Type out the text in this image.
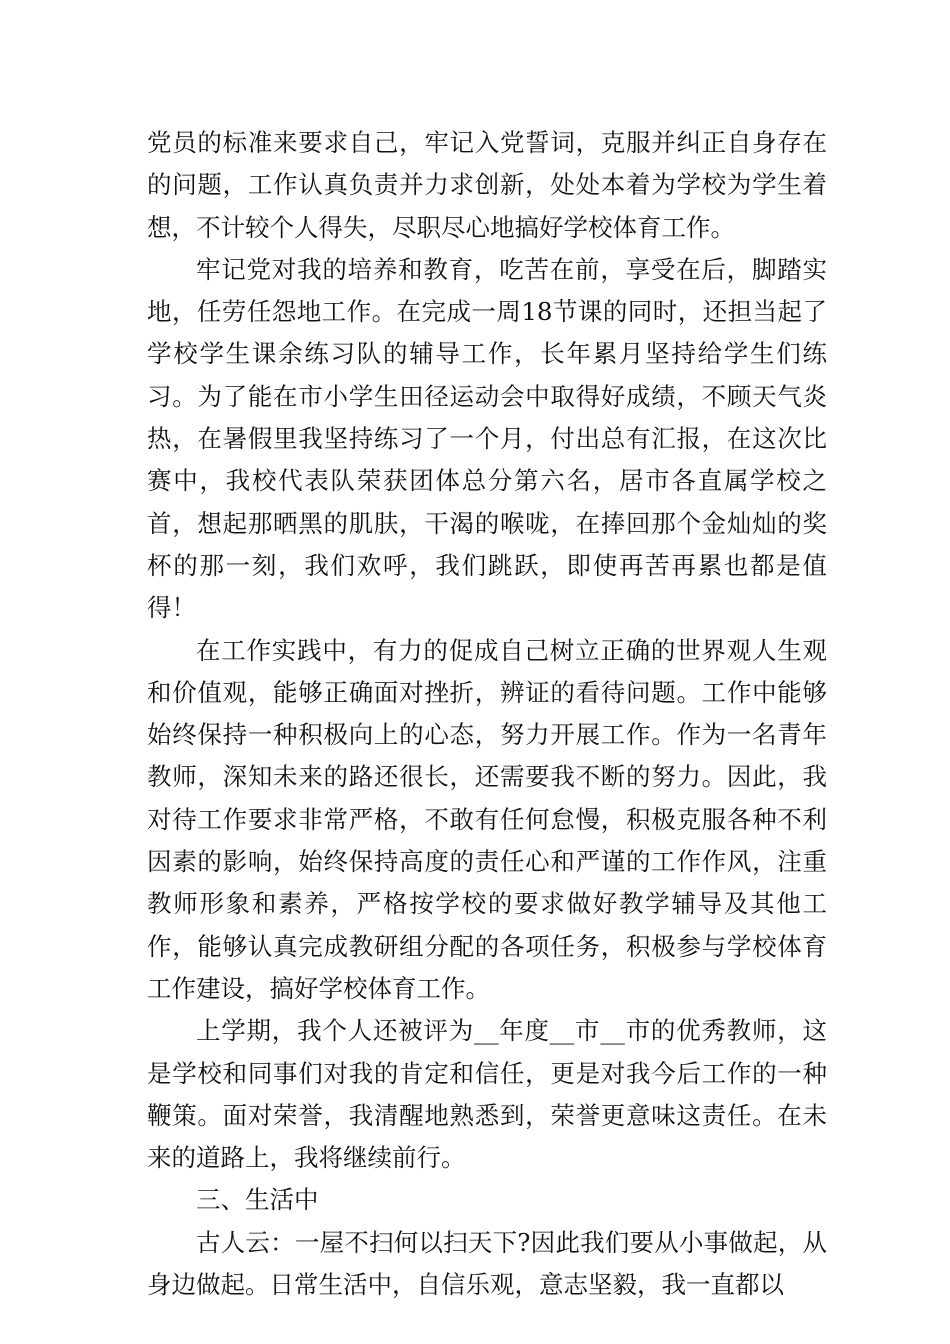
党员的标准来要求自己，牢记入党誓词，克服并纠正自身存在的问题，工作认真负责并力求创新，处处本着为学校为学生着想，不计较个人得失，尽职尽心地搞好学校体育工作。

牢记党对我的培养和教育，吃苦在前，享受在后，脚踏实地，任劳任怨地工作。在完成一周18节课的同时，还担当起了学校学生课余练习队的辅导工作，长年累月坚持给学生们练习。为了能在市小学生田径运动会中取得好成绩，不顾天气炎热，在暑假里我坚持练习了一个月，付出总有汇报，在这次比赛中，我校代表队荣获团体总分第六名，居市各直属学校之首，想起那晒黑的肌肤，干渴的喉咙，在捧回那个金灿灿的奖杯的那一刻，我们欢呼，我们跳跃，即使再苦再累也都是值得！

在工作实践中，有力的促成自己树立正确的世界观人生观和价值观，能够正确面对挫折，辨证的看待问题。工作中能够始终保持一种积极向上的心态，努力开展工作。作为一名青年教师，深知未来的路还很长，还需要我不断的努力。因此，我对待工作要求非常严格，不敢有任何怠慢，积极克服各种不利因素的影响，始终保持高度的责任心和严谨的工作作风，注重教师形象和素养，严格按学校的要求做好教学辅导及其他工作，能够认真完成教研组分配的各项任务，积极参与学校体育工作建设，搞好学校体育工作。

上学期，我个人还被评为__年度__市__市的优秀教师，这是学校和同事们对我的肯定和信任，更是对我今后工作的一种鞭策。面对荣誉，我清醒地熟悉到，荣誉更意味这责任。在未来的道路上，我将继续前行。

三、生活中

古人云：一屋不扫何以扫天下?因此我们要从小事做起，从身边做起。日常生活中，自信乐观，意志坚毅，我一直都以
